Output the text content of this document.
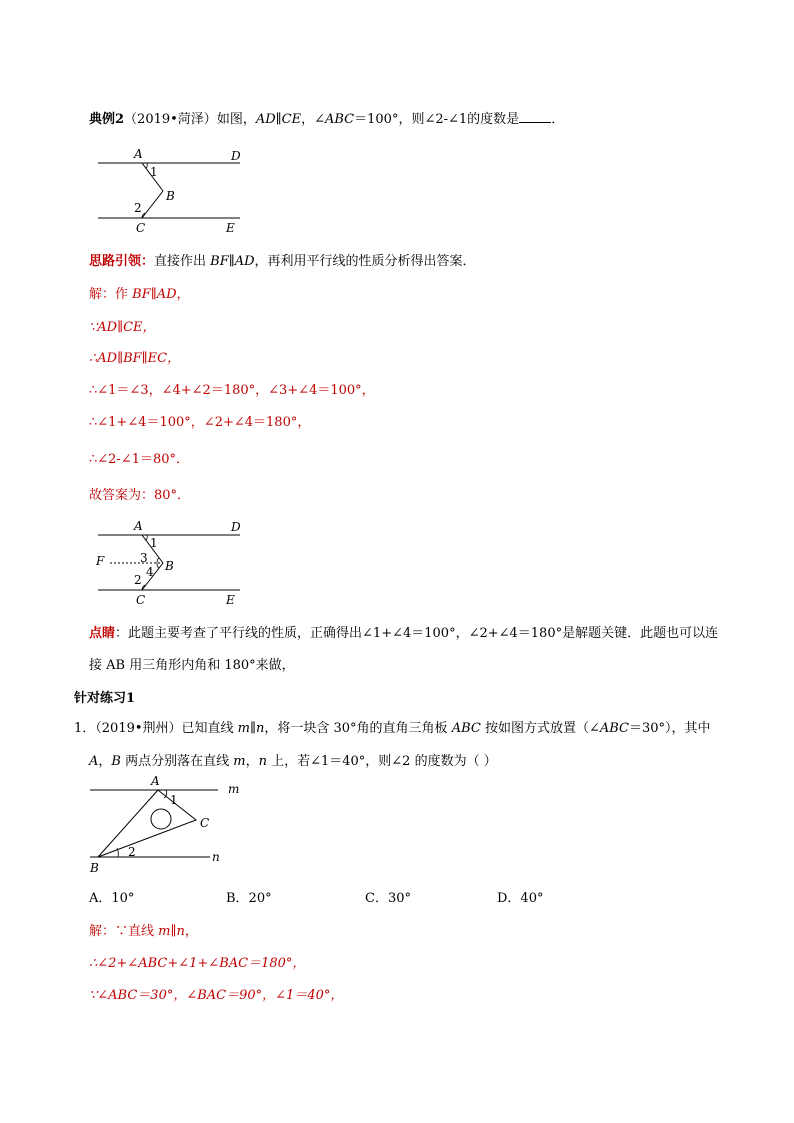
典例2（2019•菏泽）如图，AD∥CE，∠ABC＝100°，则∠2-∠1的度数是 ．
A	D
1
B
2
C	E
思路引领：直接作出 BF∥AD，再利用平行线的性质分析得出答案．
解：作 BF∥AD，
∵AD∥CE，
∴AD∥BF∥EC，
∴∠1＝∠3，∠4+∠2＝180°，∠3+∠4＝100°，
∴∠1+∠4＝100°，∠2+∠4＝180°，
∴∠2-∠1＝80°．
故答案为：80°．
A	D
1
F	3
B
4
2
C	E
点睛：此题主要考查了平行线的性质，正确得出∠1+∠4＝100°，∠2+∠4＝180°是解题关键．此题也可以连
接 AB 用三角形内角和 180°来做，
针对练习1
1．（2019•荆州）已知直线 m∥n，将一块含 30°角的直角三角板 ABC 按如图方式放置（∠ABC＝30°），其中
A，B 两点分别落在直线 m，n 上，若∠1＝40°，则∠2 的度数为（ ）
A
m
1
C
B
2	n
A．10°	B．20°	C．30°	D．40°
解：∵直线 m∥n，
∴∠2+∠ABC+∠1+∠BAC＝180°，
∵∠ABC＝30°，∠BAC＝90°，∠1＝40°，
